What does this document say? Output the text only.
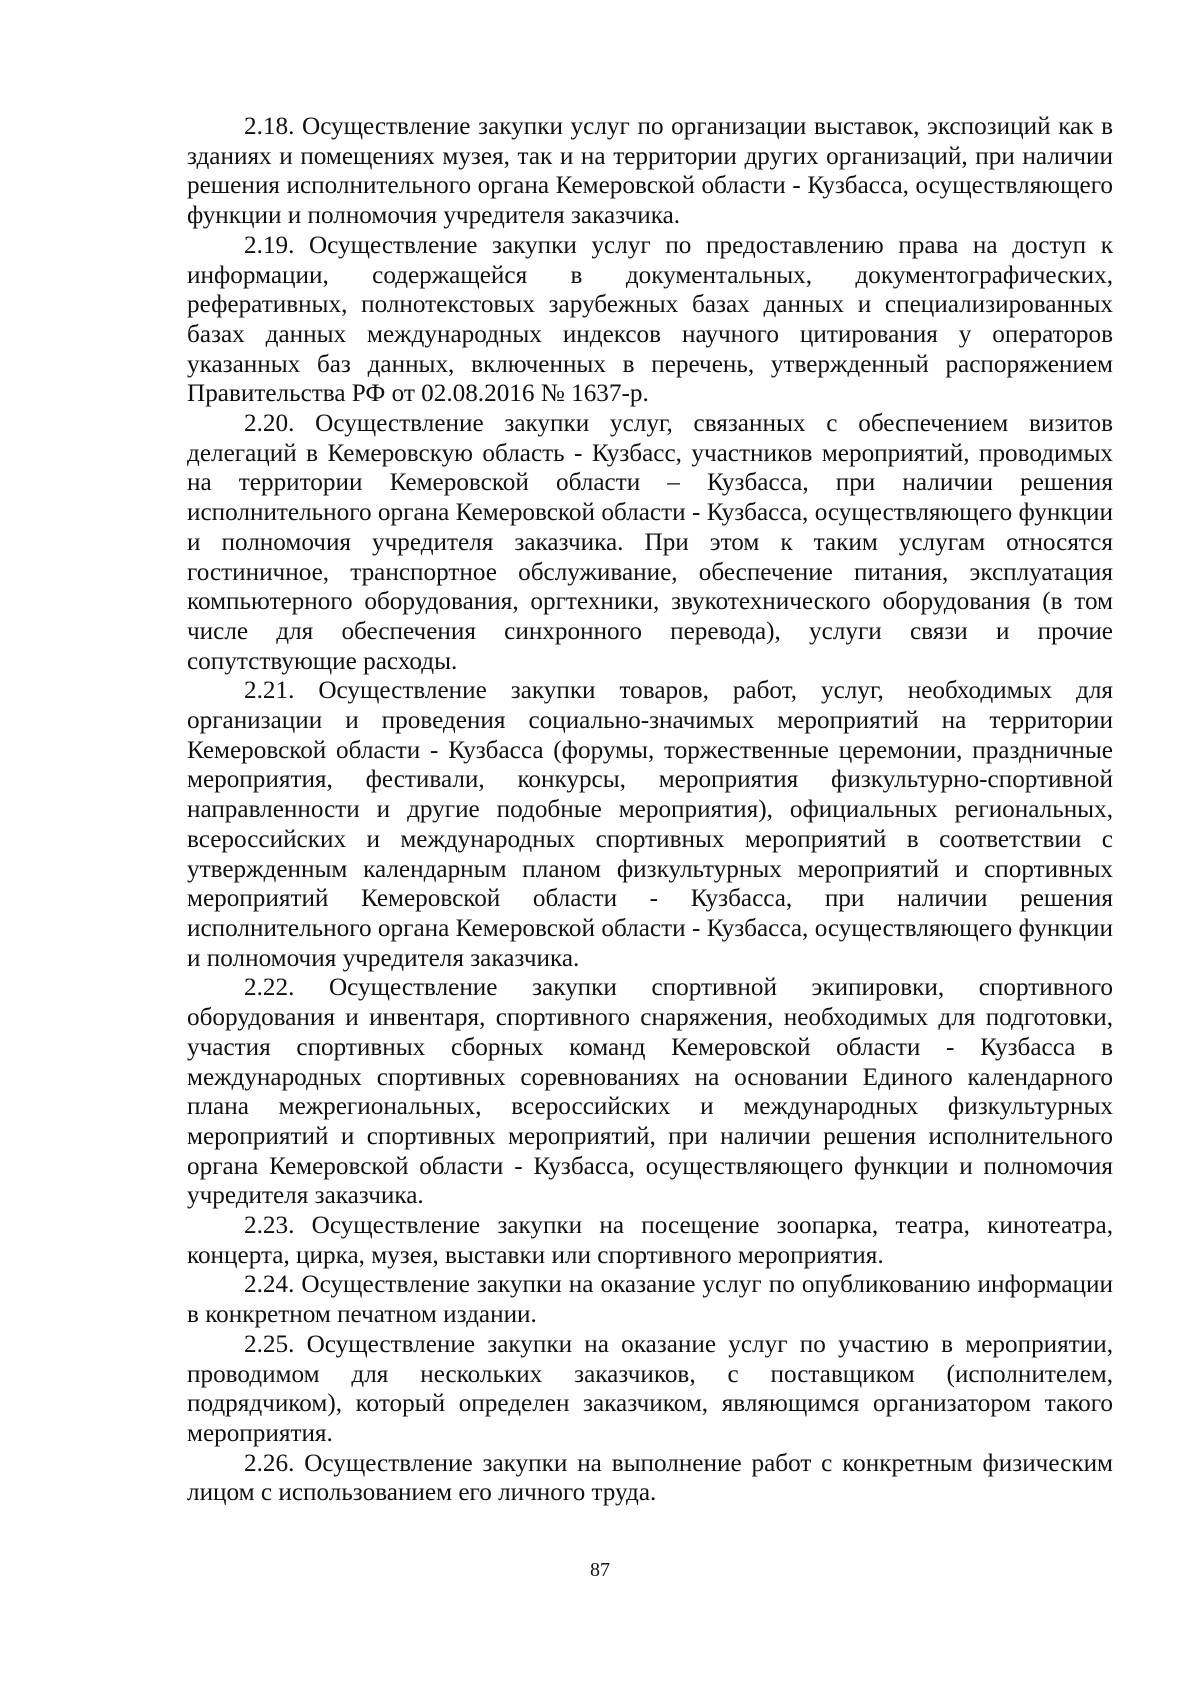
2.18. Осуществление закупки услуг по организации выставок, экспозиций как в зданиях и помещениях музея, так и на территории других организаций, при наличии решения исполнительного органа Кемеровской области - Кузбасса, осуществляющего функции и полномочия учредителя заказчика.

2.19. Осуществление закупки услуг по предоставлению права на доступ к информации, содержащейся в документальных, документографических, реферативных, полнотекстовых зарубежных базах данных и специализированных базах данных международных индексов научного цитирования у операторов указанных баз данных, включенных в перечень, утвержденный распоряжением Правительства РФ от 02.08.2016 № 1637-р.

2.20. Осуществление закупки услуг, связанных с обеспечением визитов делегаций в Кемеровскую область - Кузбасс, участников мероприятий, проводимых на территории Кемеровской области – Кузбасса, при наличии решения исполнительного органа Кемеровской области - Кузбасса, осуществляющего функции и полномочия учредителя заказчика. При этом к таким услугам относятся гостиничное, транспортное обслуживание, обеспечение питания, эксплуатация компьютерного оборудования, оргтехники, звукотехнического оборудования (в том числе для обеспечения синхронного перевода), услуги связи и прочие сопутствующие расходы.

2.21. Осуществление закупки товаров, работ, услуг, необходимых для организации и проведения социально-значимых мероприятий на территории Кемеровской области - Кузбасса (форумы, торжественные церемонии, праздничные мероприятия, фестивали, конкурсы, мероприятия физкультурно-спортивной направленности и другие подобные мероприятия), официальных региональных, всероссийских и международных спортивных мероприятий в соответствии с утвержденным календарным планом физкультурных мероприятий и спортивных мероприятий Кемеровской области - Кузбасса, при наличии решения исполнительного органа Кемеровской области - Кузбасса, осуществляющего функции и полномочия учредителя заказчика.

2.22. Осуществление закупки спортивной экипировки, спортивного оборудования и инвентаря, спортивного снаряжения, необходимых для подготовки, участия спортивных сборных команд Кемеровской области - Кузбасса в международных спортивных соревнованиях на основании Единого календарного плана межрегиональных, всероссийских и международных физкультурных мероприятий и спортивных мероприятий, при наличии решения исполнительного органа Кемеровской области - Кузбасса, осуществляющего функции и полномочия учредителя заказчика.

2.23. Осуществление закупки на посещение зоопарка, театра, кинотеатра, концерта, цирка, музея, выставки или спортивного мероприятия.

2.24. Осуществление закупки на оказание услуг по опубликованию информации в конкретном печатном издании.

2.25. Осуществление закупки на оказание услуг по участию в мероприятии, проводимом для нескольких заказчиков, с поставщиком (исполнителем, подрядчиком), который определен заказчиком, являющимся организатором такого мероприятия.

2.26. Осуществление закупки на выполнение работ с конкретным физическим лицом с использованием его личного труда.

87
